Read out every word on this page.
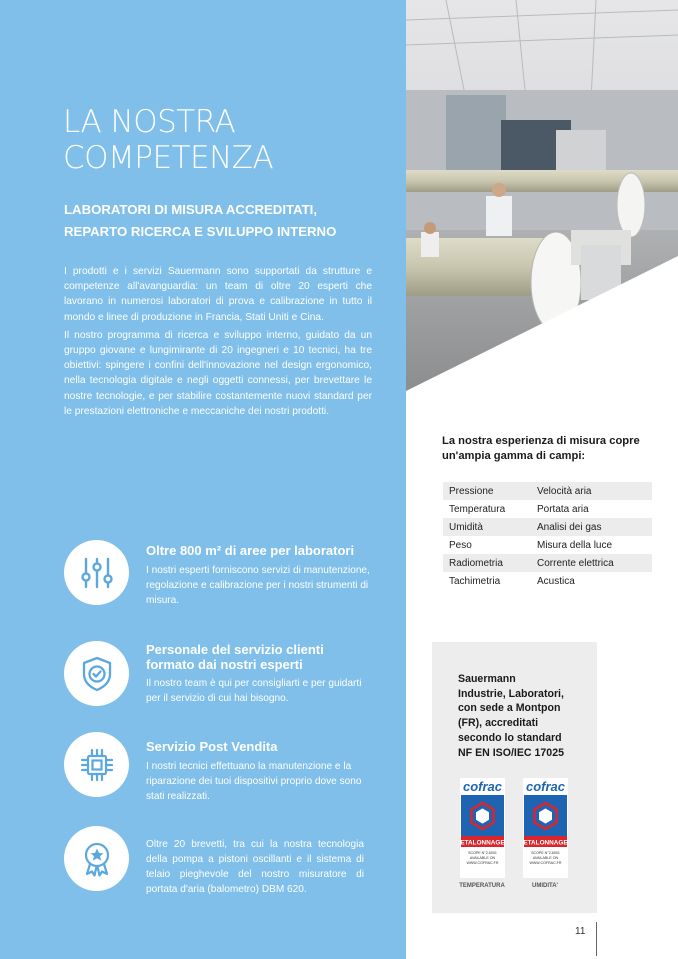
LA NOSTRA
COMPETENZA
LABORATORI DI MISURA ACCREDITATI,
REPARTO RICERCA E SVILUPPO INTERNO

I prodotti e i servizi Sauermann sono supportati da strutture e competenze all'avanguardia: un team di oltre 20 esperti che lavorano in numerosi laboratori di prova e calibrazione in tutto il mondo e linee di produzione in Francia, Stati Uniti e Cina.

Il nostro programma di ricerca e sviluppo interno, guidato da un gruppo giovane e lungimirante di 20 ingegneri e 10 tecnici, ha tre obiettivi: spingere i confini dell'innovazione nel design ergonomico, nella tecnologia digitale e negli oggetti connessi, per brevettare le nostre tecnologie, e per stabilire costantemente nuovi standard per le prestazioni elettroniche e meccaniche dei nostri prodotti.

Oltre 800 m² di aree per laboratori
I nostri esperti forniscono servizi di manutenzione, regolazione e calibrazione per i nostri strumenti di misura.
Personale del servizio clienti
formato dai nostri esperti
Il nostro team è qui per consigliarti e per guidarti per il servizio di cui hai bisogno.
Servizio Post Vendita
I nostri tecnici effettuano la manutenzione e la riparazione dei tuoi dispositivi proprio dove sono stati realizzati.
Oltre 20 brevetti, tra cui la nostra tecnologia della pompa a pistoni oscillanti e il sistema di telaio pieghevole del nostro misuratore di portata d'aria (balometro) DBM 620.
La nostra esperienza di misura copre
un'ampia gamma di campi:
Pressione	Velocità aria
Temperatura	Portata aria
Umidità	Analisi dei gas
Peso	Misura della luce
Radiometria	Corrente elettrica
Tachimetria	Acustica
Sauermann
Industrie, Laboratori,
con sede a Montpon
(FR), accreditati
secondo lo standard
NF EN ISO/IEC 17025
cofrac
ETALONNAGE
SCOPE N°2-6001
AVAILABLE ON
WWW.COFRAC.FR
TEMPERATURA
cofrac
ETALONNAGE
SCOPE N°2-6001
AVAILABLE ON
WWW.COFRAC.FR
UMIDITA'
11
